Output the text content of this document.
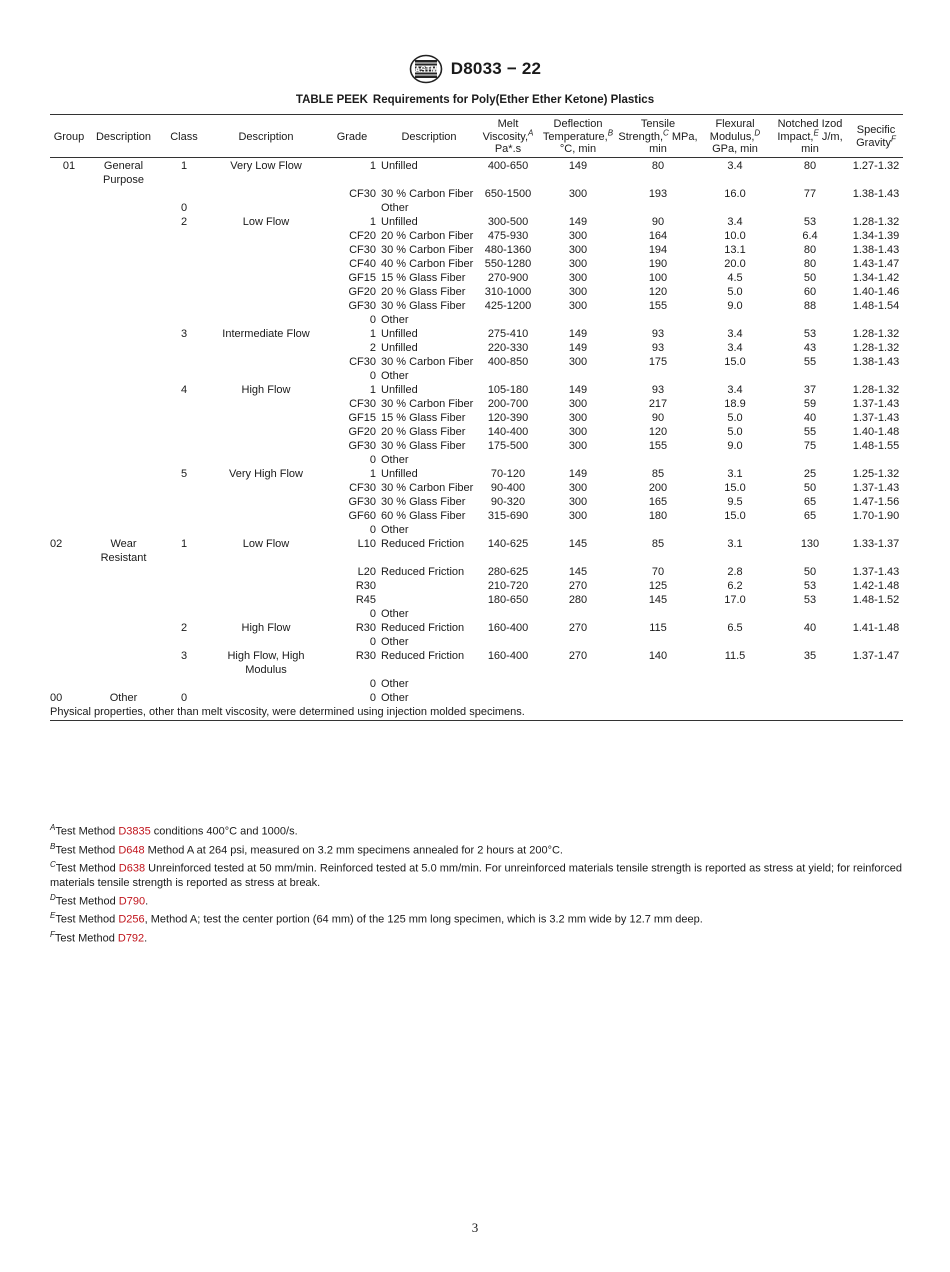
ASTM D8033 − 22
TABLE PEEK Requirements for Poly(Ether Ether Ketone) Plastics
Group	Description	Class	Description	Grade	Description	Melt Viscosity,$^A$ Pa*.s	Deflection Temperature,$^B$ °C, min	Tensile Strength,$^C$ MPa, min	Flexural Modulus,$^D$ GPa, min	Notched Izod Impact,$^E$ J/m, min	Specific Gravity$^F$
01	General Purpose	1	Very Low Flow	1	Unfilled	400-650	149	80	3.4	80	1.27-1.32
				CF30	30 % Carbon Fiber	650-1500	300	193	16.0	77	1.38-1.43
		0			Other						
		2	Low Flow	1	Unfilled	300-500	149	90	3.4	53	1.28-1.32
				CF20	20 % Carbon Fiber	475-930	300	164	10.0	6.4	1.34-1.39
				CF30	30 % Carbon Fiber	480-1360	300	194	13.1	80	1.38-1.43
				CF40	40 % Carbon Fiber	550-1280	300	190	20.0	80	1.43-1.47
				GF15	15 % Glass Fiber	270-900	300	100	4.5	50	1.34-1.42
				GF20	20 % Glass Fiber	310-1000	300	120	5.0	60	1.40-1.46
				GF30	30 % Glass Fiber	425-1200	300	155	9.0	88	1.48-1.54
				0	Other						
		3	Intermediate Flow	1	Unfilled	275-410	149	93	3.4	53	1.28-1.32
				2	Unfilled	220-330	149	93	3.4	43	1.28-1.32
				CF30	30 % Carbon Fiber	400-850	300	175	15.0	55	1.38-1.43
				0	Other						
		4	High Flow	1	Unfilled	105-180	149	93	3.4	37	1.28-1.32
				CF30	30 % Carbon Fiber	200-700	300	217	18.9	59	1.37-1.43
				GF15	15 % Glass Fiber	120-390	300	90	5.0	40	1.37-1.43
				GF20	20 % Glass Fiber	140-400	300	120	5.0	55	1.40-1.48
				GF30	30 % Glass Fiber	175-500	300	155	9.0	75	1.48-1.55
				0	Other						
		5	Very High Flow	1	Unfilled	70-120	149	85	3.1	25	1.25-1.32
				CF30	30 % Carbon Fiber	90-400	300	200	15.0	50	1.37-1.43
				GF30	30 % Glass Fiber	90-320	300	165	9.5	65	1.47-1.56
				GF60	60 % Glass Fiber	315-690	300	180	15.0	65	1.70-1.90
				0	Other						
02	Wear Resistant	1	Low Flow	L10	Reduced Friction	140-625	145	85	3.1	130	1.33-1.37
				L20	Reduced Friction	280-625	145	70	2.8	50	1.37-1.43
				R30		210-720	270	125	6.2	53	1.42-1.48
				R45		180-650	280	145	17.0	53	1.48-1.52
				0	Other						
		2	High Flow	R30	Reduced Friction	160-400	270	115	6.5	40	1.41-1.48
				0	Other						
		3	High Flow, High Modulus	R30	Reduced Friction	160-400	270	140	11.5	35	1.37-1.47
				0	Other						
00	Other	0		0	Other						
Physical properties, other than melt viscosity, were determined using injection molded specimens.											

$^A$Test Method D3835 conditions 400°C and 1000/s.

$^B$Test Method D648 Method A at 264 psi, measured on 3.2 mm specimens annealed for 2 hours at 200°C.

$^C$Test Method D638 Unreinforced tested at 50 mm/min. Reinforced tested at 5.0 mm/min. For unreinforced materials tensile strength is reported as stress at yield; for reinforced materials tensile strength is reported as stress at break.

$^D$Test Method D790.

$^E$Test Method D256, Method A; test the center portion (64 mm) of the 125 mm long specimen, which is 3.2 mm wide by 12.7 mm deep.

$^F$Test Method D792.

3
